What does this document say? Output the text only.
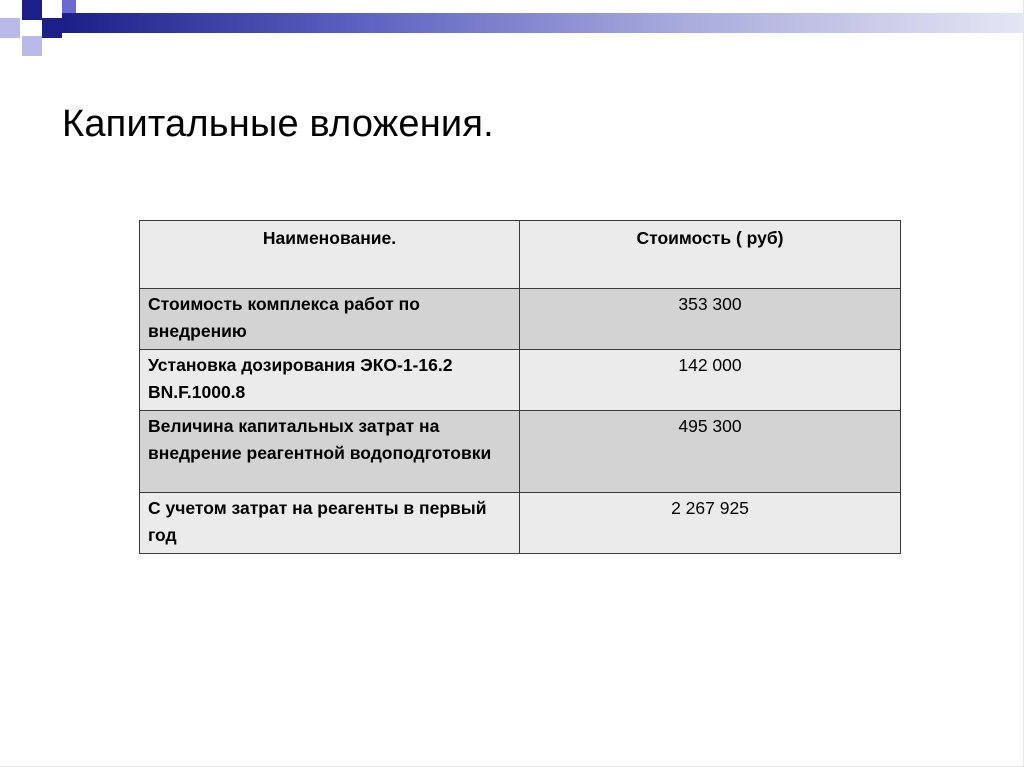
Капитальные вложения.
Наименование.	Стоимость ( руб)
Стоимость комплекса работ по внедрению	353 300
Установка дозирования ЭКО-1-16.2 BN.F.1000.8	142 000
Величина капитальных затрат на внедрение реагентной водоподготовки	495 300
С учетом затрат на реагенты в первый год	2 267 925
